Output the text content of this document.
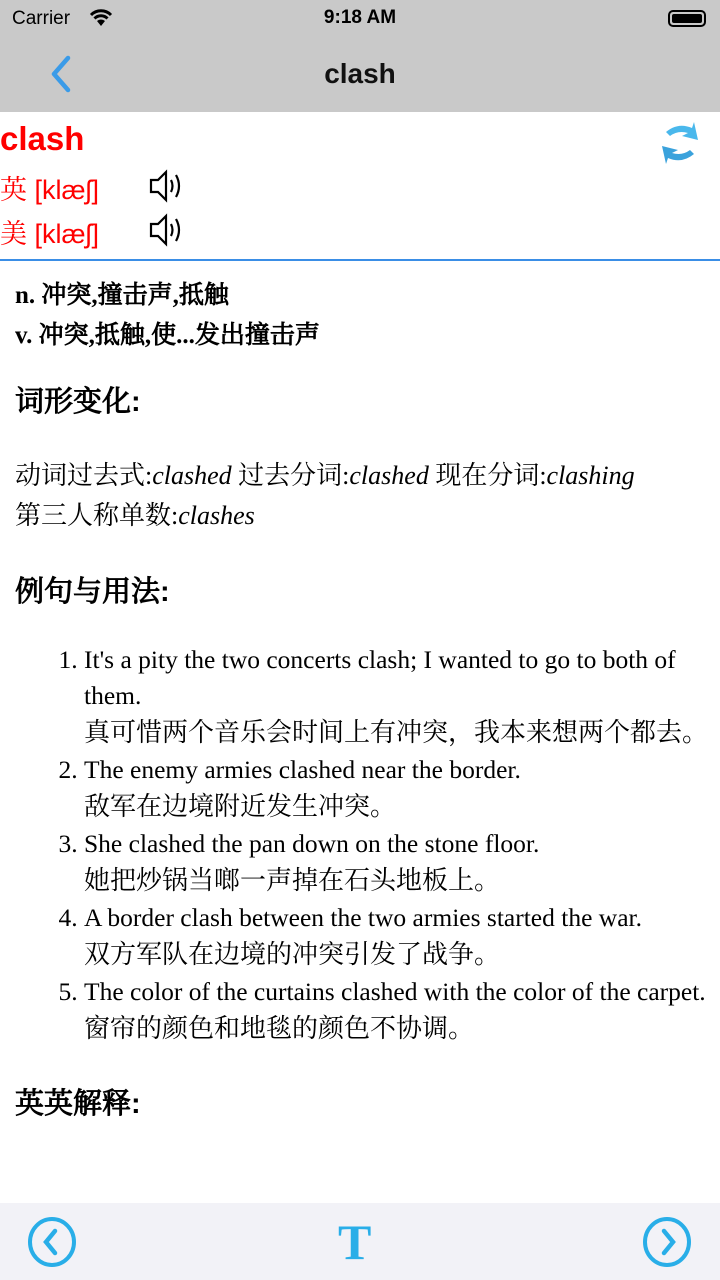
Carrier	9:18 AM
clash
clash
英 [klæʃ]
美 [klæʃ]
n. 冲突,撞击声,抵触
v. 冲突,抵触,使...发出撞击声
词形变化:
动词过去式:clashed 过去分词:clashed 现在分词:clashing
第三人称单数:clashes
例句与用法:
1. It's a pity the two concerts clash; I wanted to go to both of them.
真可惜两个音乐会时间上有冲突，我本来想两个都去。
2. The enemy armies clashed near the border.
敌军在边境附近发生冲突。
3. She clashed the pan down on the stone floor.
她把炒锅当啷一声掉在石头地板上。
4. A border clash between the two armies started the war.
双方军队在边境的冲突引发了战争。
5. The color of the curtains clashed with the color of the carpet.
窗帘的颜色和地毯的颜色不协调。
英英解释:
T
